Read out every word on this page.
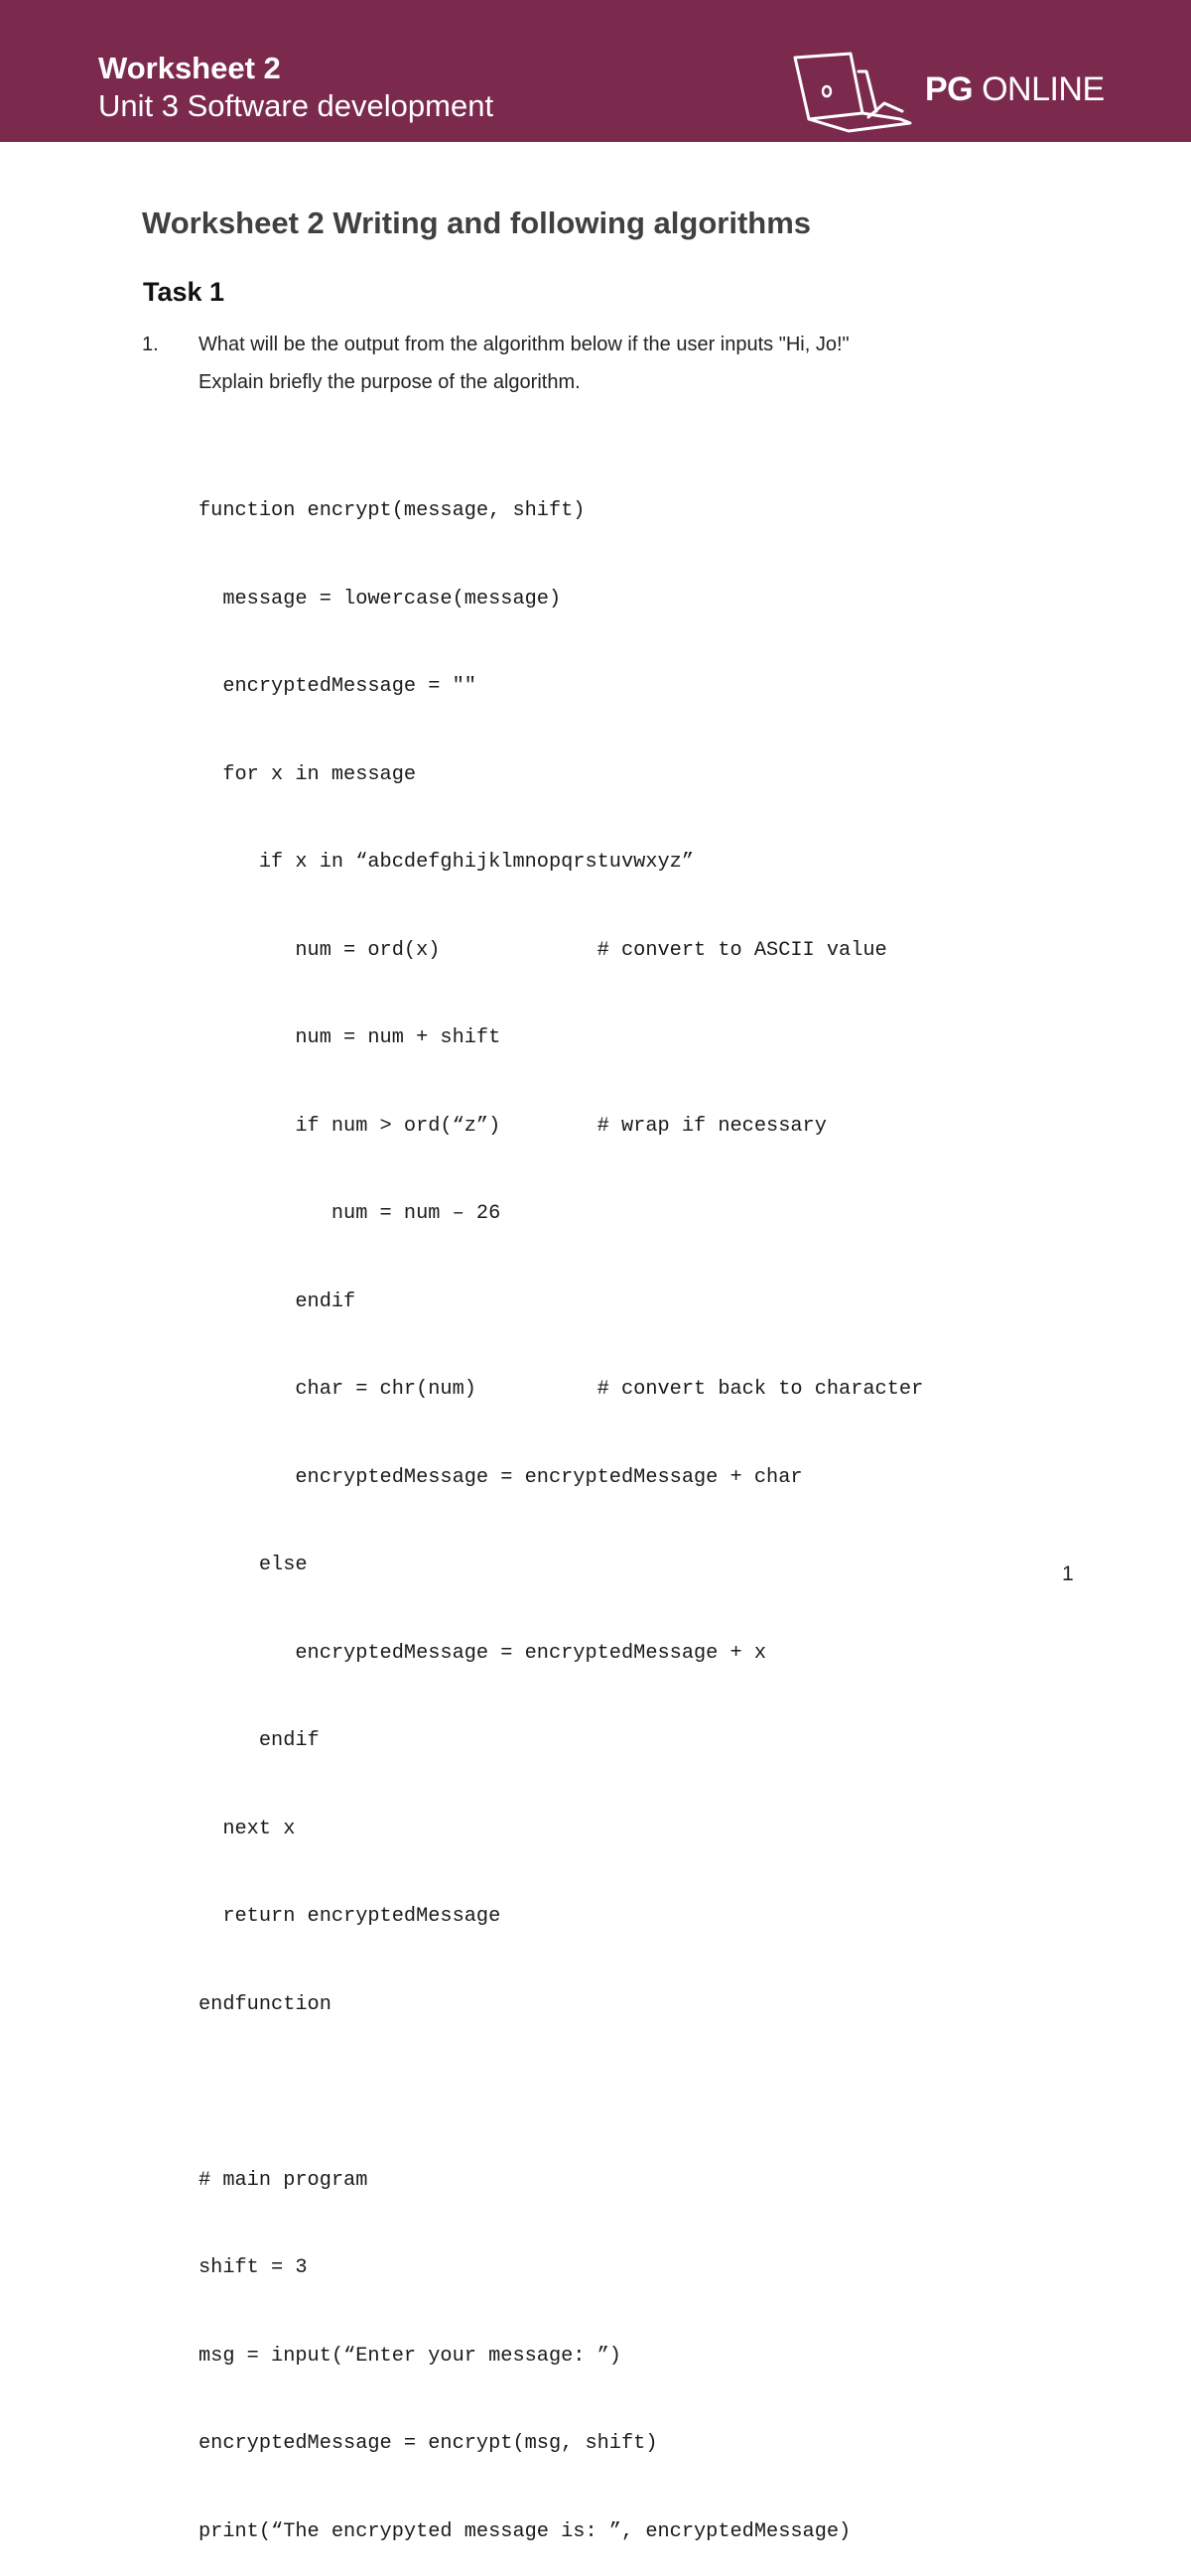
Worksheet 2
Unit 3 Software development	PG ONLINE
Worksheet 2 Writing and following algorithms
Task 1
1. What will be the output from the algorithm below if the user inputs "Hi, Jo!"
Explain briefly the purpose of the algorithm.

function encrypt(message, shift)

message = lowercase(message)

encryptedMessage = ""

for x in message

if x in “abcdefghijklmnopqrstuvwxyz”

num = ord(x)             # convert to ASCII value

num = num + shift

if num > ord(“z”)        # wrap if necessary

num = num – 26

endif

char = chr(num)          # convert back to character

encryptedMessage = encryptedMessage + char

else

encryptedMessage = encryptedMessage + x

endif

next x

return encryptedMessage

endfunction

# main program

shift = 3

msg = input(“Enter your message: ”)

encryptedMessage = encrypt(msg, shift)

print(“The encrypyted message is: ”, encryptedMessage)

1
